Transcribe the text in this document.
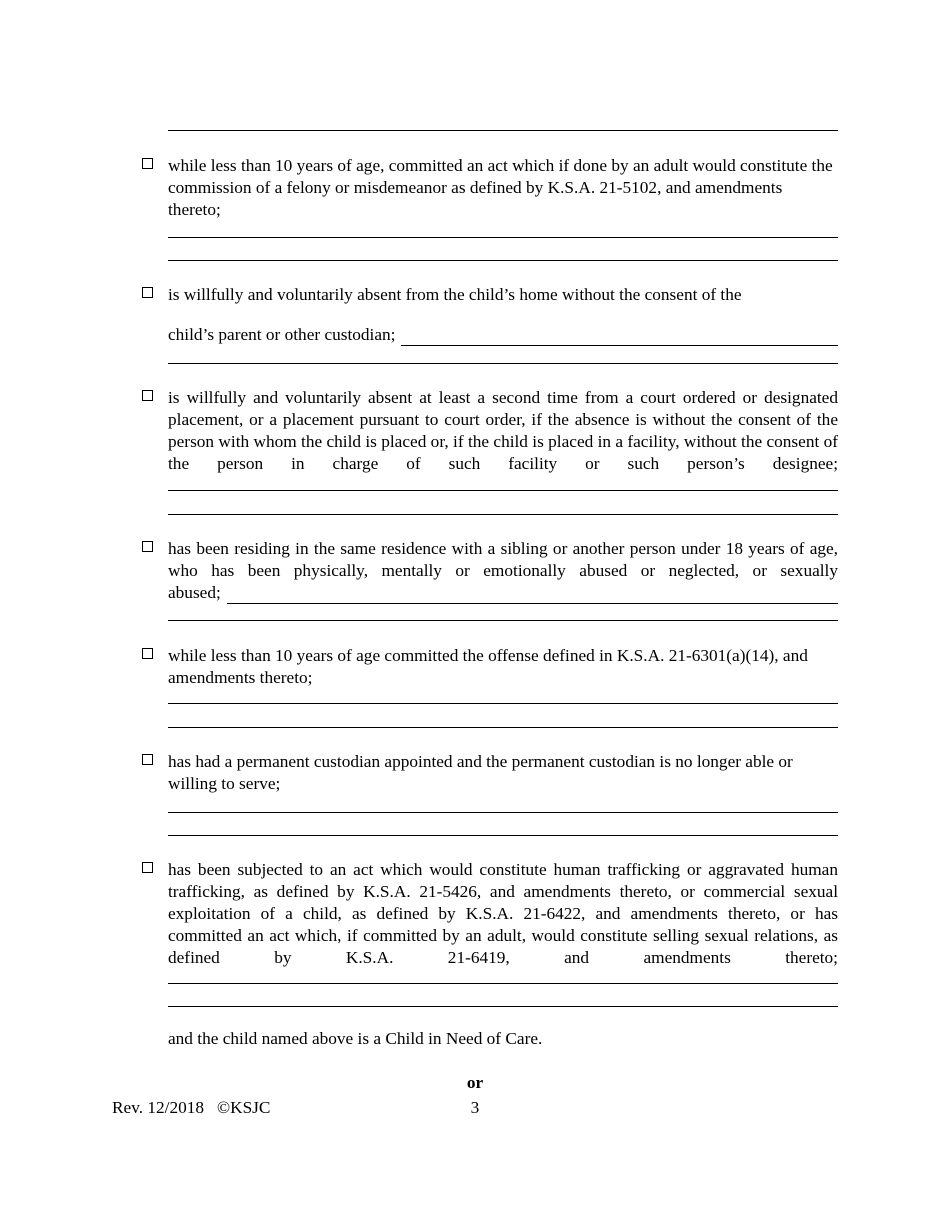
while less than 10 years of age, committed an act which if done by an adult would constitute the commission of a felony or misdemeanor as defined by K.S.A. 21-5102, and amendments thereto;

is willfully and voluntarily absent from the child’s home without the consent of the

child’s parent or other custodian;

is willfully and voluntarily absent at least a second time from a court ordered or designated placement, or a placement pursuant to court order, if the absence is without the consent of the person with whom the child is placed or, if the child is placed in a facility, without the consent of the person in charge of such facility or such person’s designee;

has been residing in the same residence with a sibling or another person under 18 years of age, who has been physically, mentally or emotionally abused or neglected, or sexually

abused;

while less than 10 years of age committed the offense defined in K.S.A. 21-6301(a)(14), and amendments thereto;

has had a permanent custodian appointed and the permanent custodian is no longer able or willing to serve;

has been subjected to an act which would constitute human trafficking or aggravated human trafficking, as defined by K.S.A. 21-5426, and amendments thereto, or commercial sexual exploitation of a child, as defined by K.S.A. 21-6422, and amendments thereto, or has committed an act which, if committed by an adult, would constitute selling sexual relations, as defined by K.S.A. 21-6419, and amendments thereto;

and the child named above is a Child in Need of Care.

or
Rev. 12/2018   ©KSJC	3
